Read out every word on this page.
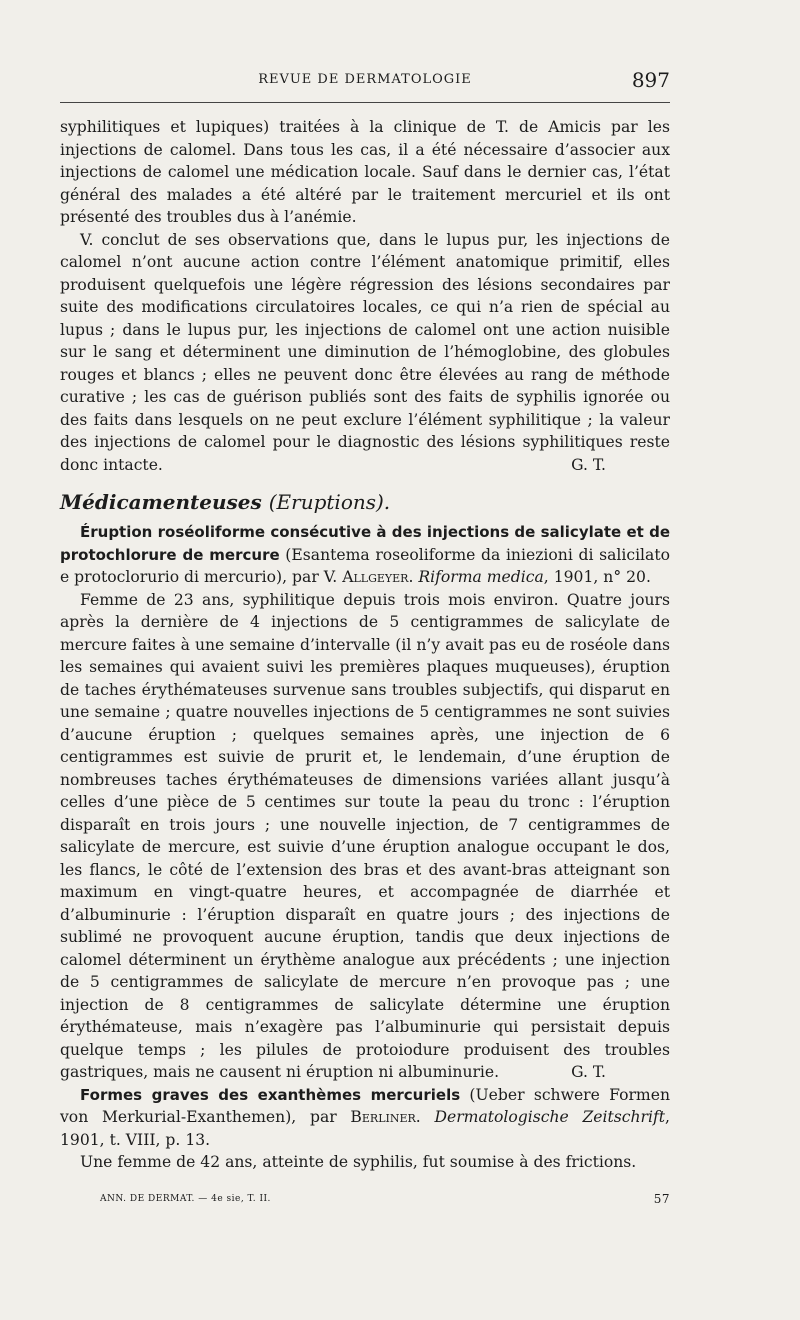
REVUE DE DERMATOLOGIE	897

syphilitiques et lupiques) traitées à la clinique de T. de Amicis par les injections de calomel. Dans tous les cas, il a été nécessaire d’associer aux injections de calomel une médication locale. Sauf dans le dernier cas, l’état général des malades a été altéré par le traitement mercuriel et ils ont présenté des troubles dus à l’anémie.

V. conclut de ses observations que, dans le lupus pur, les injections de calomel n’ont aucune action contre l’élément anatomique primitif, elles produisent quelquefois une légère régression des lésions secondaires par suite des modifications circulatoires locales, ce qui n’a rien de spécial au lupus ; dans le lupus pur, les injections de calomel ont une action nuisible sur le sang et déterminent une diminution de l’hémoglobine, des globules rouges et blancs ; elles ne peuvent donc être élevées au rang de méthode curative ; les cas de guérison publiés sont des faits de syphilis ignorée ou des faits dans lesquels on ne peut exclure l’élément syphilitique ; la valeur des injections de calomel pour le diagnostic des lésions syphilitiques reste donc intacte.	G. T.

Médicamenteuses (Eruptions).

Éruption roséoliforme consécutive à des injections de salicylate et de protochlorure de mercure (Esantema roseoliforme da iniezioni di salicilato e protoclorurio di mercurio), par V. Allgeyer. Riforma medica, 1901, n° 20.

Femme de 23 ans, syphilitique depuis trois mois environ. Quatre jours après la dernière de 4 injections de 5 centigrammes de salicylate de mercure faites à une semaine d’intervalle (il n’y avait pas eu de roséole dans les semaines qui avaient suivi les premières plaques muqueuses), éruption de taches érythémateuses survenue sans troubles subjectifs, qui disparut en une semaine ; quatre nouvelles injections de 5 centigrammes ne sont suivies d’aucune éruption ; quelques semaines après, une injection de 6 centigrammes est suivie de prurit et, le lendemain, d’une éruption de nombreuses taches érythémateuses de dimensions variées allant jusqu’à celles d’une pièce de 5 centimes sur toute la peau du tronc : l’éruption disparaît en trois jours ; une nouvelle injection, de 7 centigrammes de salicylate de mercure, est suivie d’une éruption analogue occupant le dos, les flancs, le côté de l’extension des bras et des avant-bras atteignant son maximum en vingt-quatre heures, et accompagnée de diarrhée et d’albuminurie : l’éruption disparaît en quatre jours ; des injections de sublimé ne provoquent aucune éruption, tandis que deux injections de calomel déterminent un érythème analogue aux précédents ; une injection de 5 centigrammes de salicylate de mercure n’en provoque pas ; une injection de 8 centigrammes de salicylate détermine une éruption érythémateuse, mais n’exagère pas l’albuminurie qui persistait depuis quelque temps ; les pilules de protoiodure produisent des troubles gastriques, mais ne causent ni éruption ni albuminurie.	G. T.

Formes graves des exanthèmes mercuriels (Ueber schwere Formen von Merkurial-Exanthemen), par Berliner. Dermatologische Zeitschrift, 1901, t. VIII, p. 13.

Une femme de 42 ans, atteinte de syphilis, fut soumise à des frictions.

ANN. DE DERMAT. — 4e sie, T. II.	57
